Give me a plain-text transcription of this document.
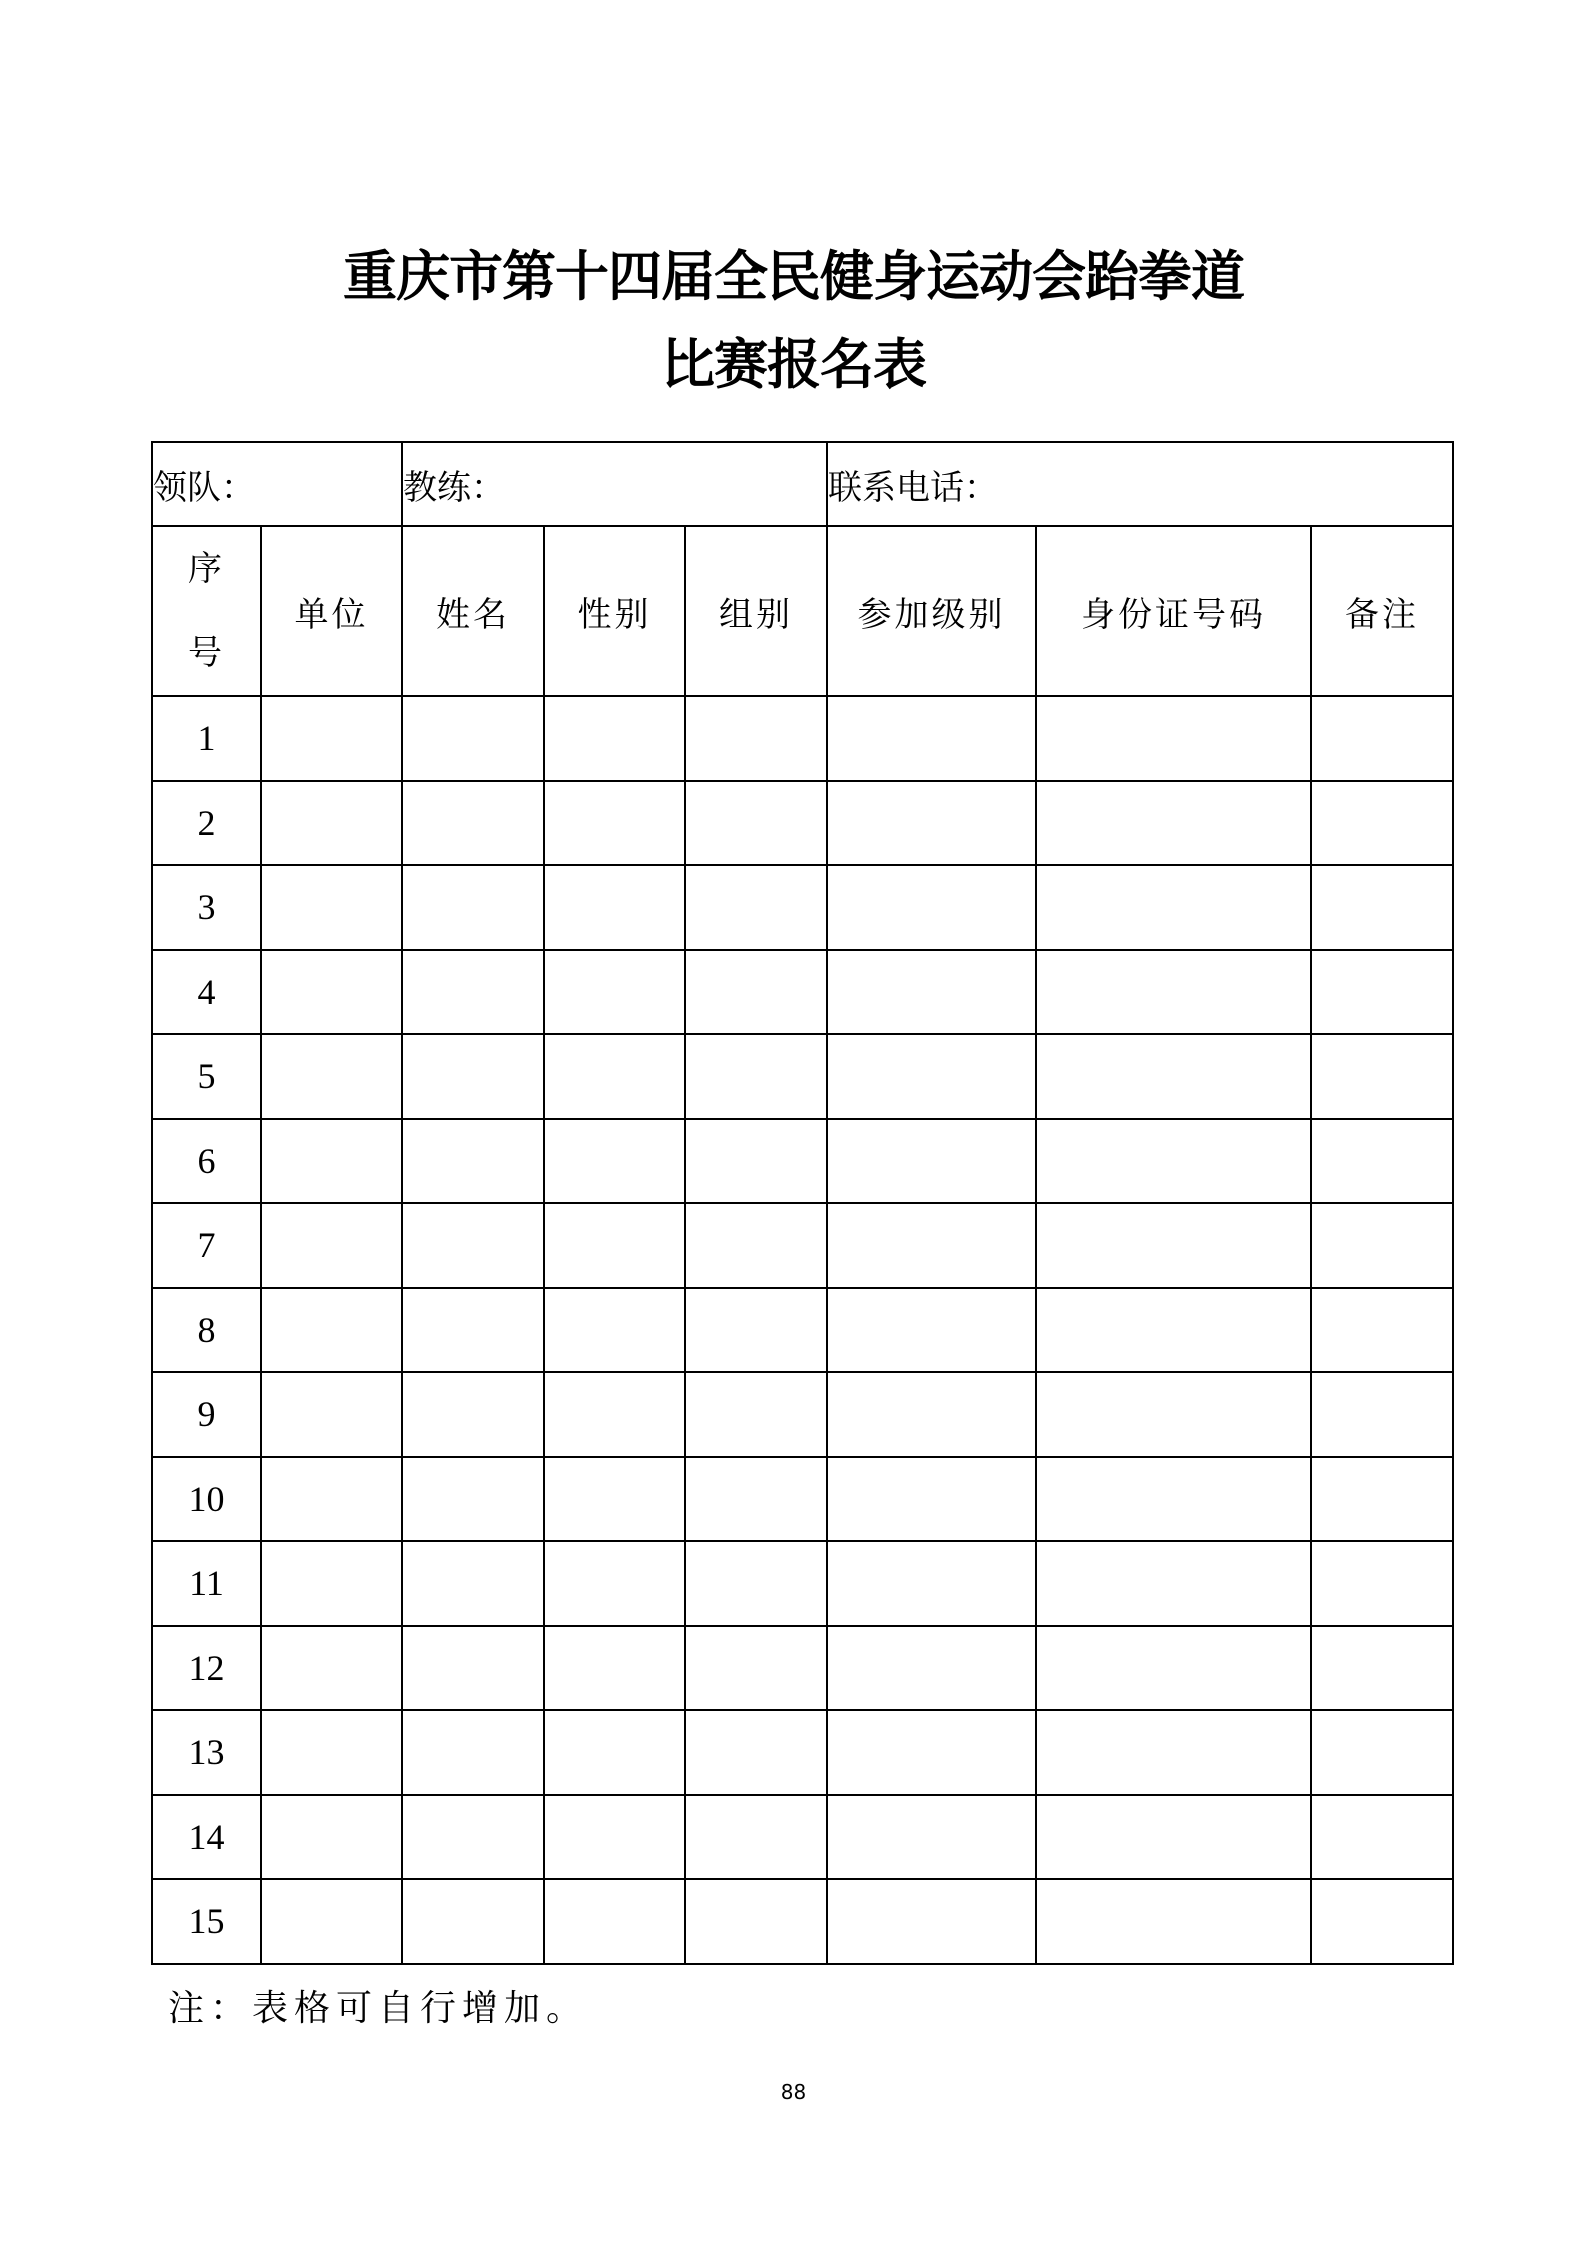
重庆市第十四届全民健身运动会跆拳道
比赛报名表
领队：		教练：			联系电话：		
序
号	单位	姓名	性别	组别	参加级别	身份证号码	备注
1							
2							
3							
4							
5							
6							
7							
8							
9							
10							
11							
12							
13							
14							
15							
注：表格可自行增加。
88
